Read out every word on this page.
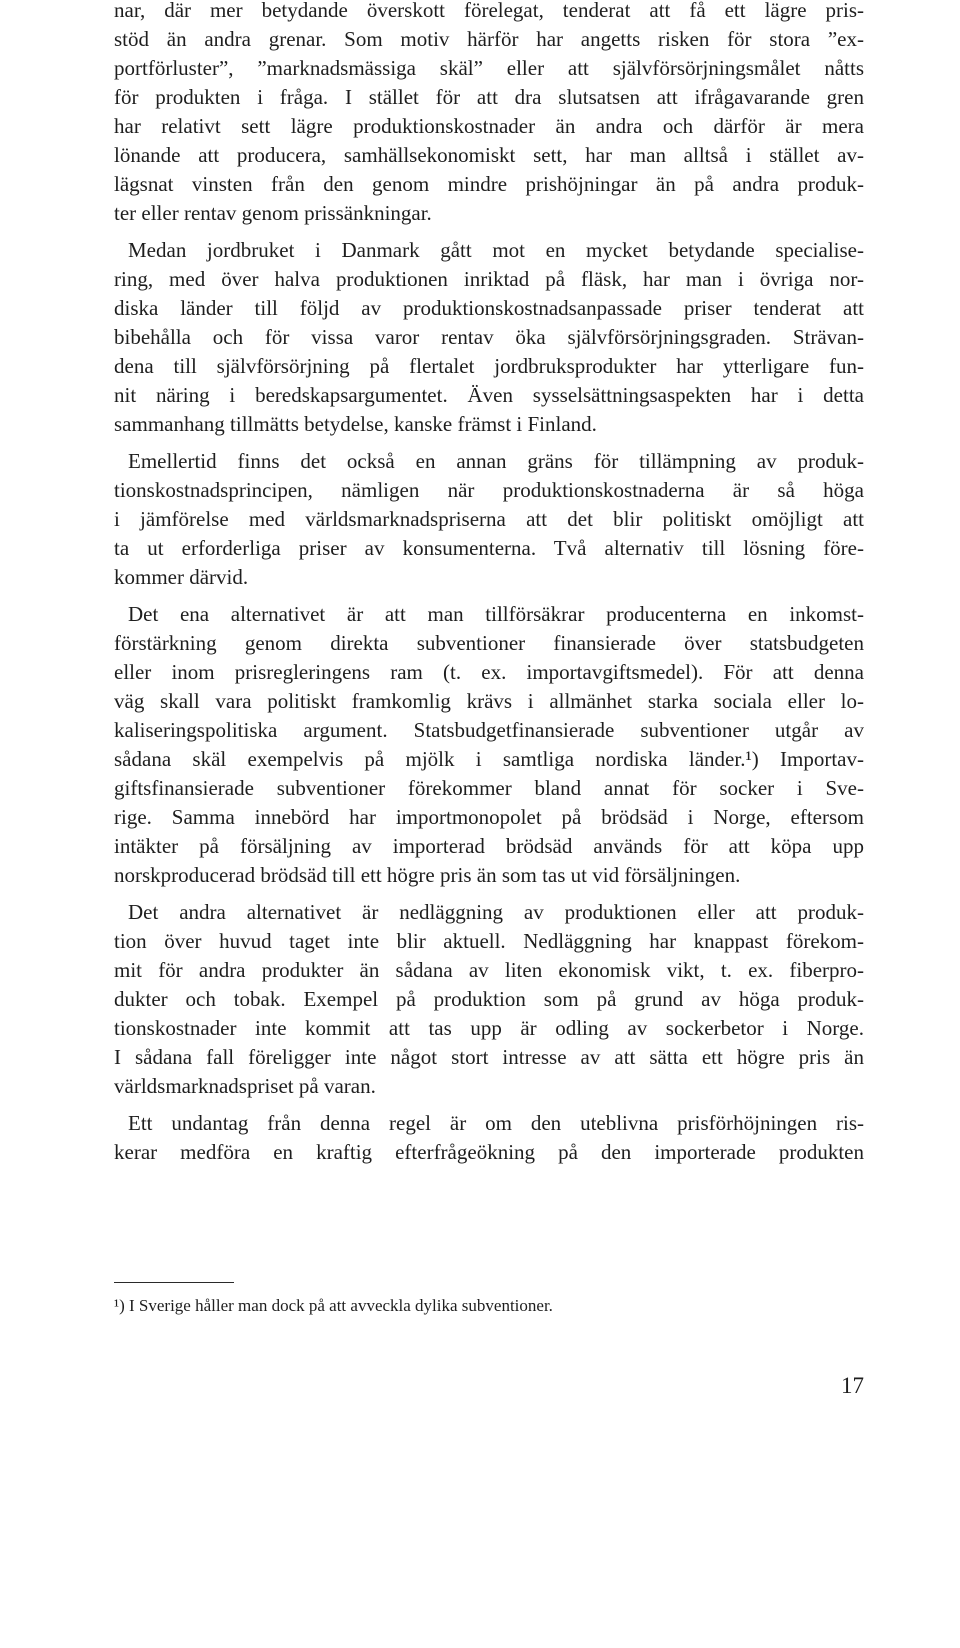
nar, där mer betydande överskott förelegat, tenderat att få ett lägre pris-
stöd än andra grenar. Som motiv härför har angetts risken för stora ”ex-
portförluster”, ”marknadsmässiga skäl” eller att självförsörjningsmålet nåtts
för produkten i fråga. I stället för att dra slutsatsen att ifrågavarande gren
har relativt sett lägre produktionskostnader än andra och därför är mera
lönande att producera, samhällsekonomiskt sett, har man alltså i stället av-
lägsnat vinsten från den genom mindre prishöjningar än på andra produk-
ter eller rentav genom prissänkningar.
Medan jordbruket i Danmark gått mot en mycket betydande specialise-
ring, med över halva produktionen inriktad på fläsk, har man i övriga nor-
diska länder till följd av produktionskostnadsanpassade priser tenderat att
bibehålla och för vissa varor rentav öka självförsörjningsgraden. Strävan-
dena till självförsörjning på flertalet jordbruksprodukter har ytterligare fun-
nit näring i beredskapsargumentet. Även sysselsättningsaspekten har i detta
sammanhang tillmätts betydelse, kanske främst i Finland.
Emellertid finns det också en annan gräns för tillämpning av produk-
tionskostnadsprincipen, nämligen när produktionskostnaderna är så höga
i jämförelse med världsmarknadspriserna att det blir politiskt omöjligt att
ta ut erforderliga priser av konsumenterna. Två alternativ till lösning före-
kommer därvid.
Det ena alternativet är att man tillförsäkrar producenterna en inkomst-
förstärkning genom direkta subventioner finansierade över statsbudgeten
eller inom prisregleringens ram (t. ex. importavgiftsmedel). För att denna
väg skall vara politiskt framkomlig krävs i allmänhet starka sociala eller lo-
kaliseringspolitiska argument. Statsbudgetfinansierade subventioner utgår av
sådana skäl exempelvis på mjölk i samtliga nordiska länder.¹) Importav-
giftsfinansierade subventioner förekommer bland annat för socker i Sve-
rige. Samma innebörd har importmonopolet på brödsäd i Norge, eftersom
intäkter på försäljning av importerad brödsäd används för att köpa upp
norskproducerad brödsäd till ett högre pris än som tas ut vid försäljningen.
Det andra alternativet är nedläggning av produktionen eller att produk-
tion över huvud taget inte blir aktuell. Nedläggning har knappast förekom-
mit för andra produkter än sådana av liten ekonomisk vikt, t. ex. fiberpro-
dukter och tobak. Exempel på produktion som på grund av höga produk-
tionskostnader inte kommit att tas upp är odling av sockerbetor i Norge.
I sådana fall föreligger inte något stort intresse av att sätta ett högre pris än
världsmarknadspriset på varan.
Ett undantag från denna regel är om den uteblivna prisförhöjningen ris-
kerar medföra en kraftig efterfrågeökning på den importerade produkten
¹) I Sverige håller man dock på att avveckla dylika subventioner.
17
